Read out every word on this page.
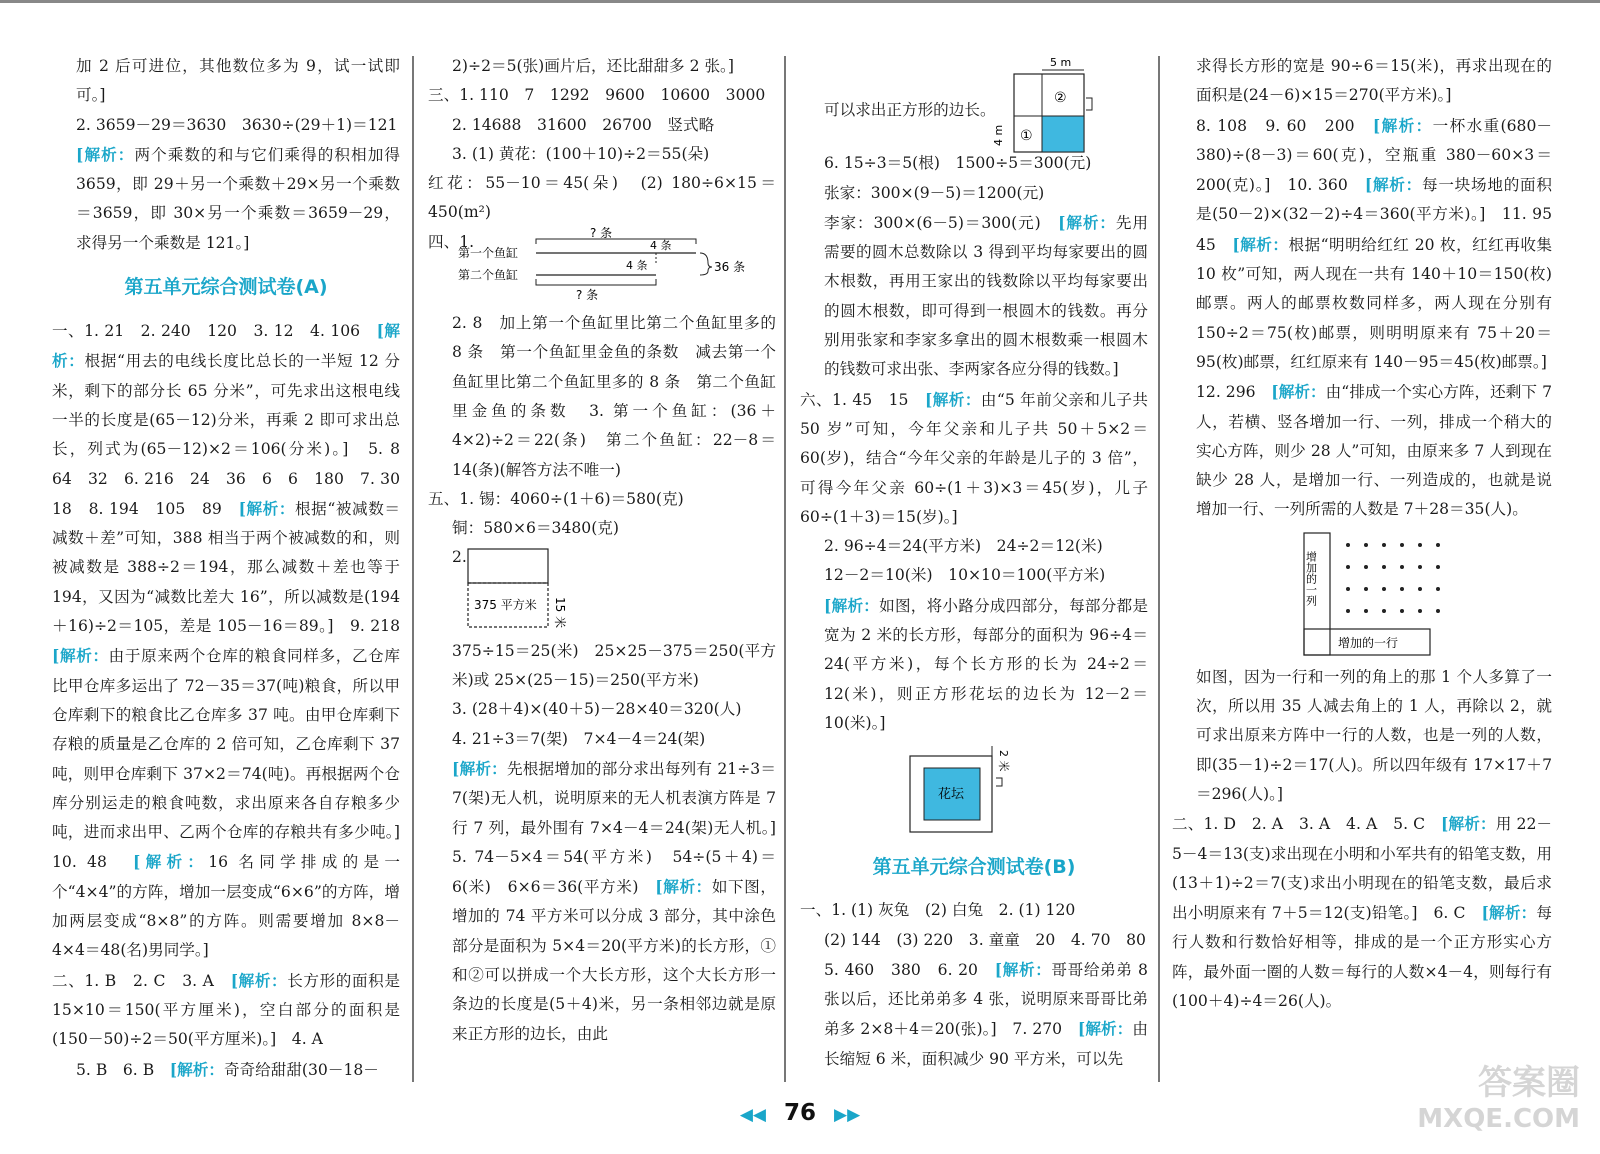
加 2 后可进位，其他数位多为 9，试一试即可。]

2. 3659－29＝3630　3630÷(29＋1)＝121

[解析：两个乘数的和与它们乘得的积相加得 3659，即 29＋另一个乘数＋29×另一个乘数＝3659，即 30×另一个乘数＝3659－29，求得另一个乘数是 121。]

第五单元综合测试卷(A)

一、1. 21　2. 240　120　3. 12　4. 106　[解析：根据“用去的电线长度比总长的一半短 12 分米，剩下的部分长 65 分米”，可先求出这根电线一半的长度是(65－12)分米，再乘 2 即可求出总长，列式为(65－12)×2＝106(分米)。]　5. 8　64　32　6. 216　24　36　6　6　180　7. 30　18　8. 194　105　89　[解析：根据“被减数＝减数＋差”可知，388 相当于两个被减数的和，则被减数是 388÷2＝194，那么减数＋差也等于 194，又因为“减数比差大 16”，所以减数是(194＋16)÷2＝105，差是 105－16＝89。]　9. 218　[解析：由于原来两个仓库的粮食同样多，乙仓库比甲仓库多运出了 72－35＝37(吨)粮食，所以甲仓库剩下的粮食比乙仓库多 37 吨。由甲仓库剩下存粮的质量是乙仓库的 2 倍可知，乙仓库剩下 37 吨，则甲仓库剩下 37×2＝74(吨)。再根据两个仓库分别运走的粮食吨数，求出原来各自存粮多少吨，进而求出甲、乙两个仓库的存粮共有多少吨。]　10. 48　[解析：16 名同学排成的是一个“4×4”的方阵，增加一层变成“6×6”的方阵，增加两层变成“8×8”的方阵。则需要增加 8×8－4×4＝48(名)男同学。]

二、1. B　2. C　3. A　[解析：长方形的面积是 15×10＝150(平方厘米)，空白部分的面积是(150－50)÷2＝50(平方厘米)。]　4. A

5. B　6. B　[解析：奇奇给甜甜(30－18－

2)÷2＝5(张)画片后，还比甜甜多 2 张。]

三、1. 110　7　1292　9600　10600　3000

2. 14688　31600　26700　竖式略

3. (1) 黄花：(100＋10)÷2＝55(朵)

红花：55－10＝45(朵)　(2) 180÷6×15＝450(m²)

四、1.	? 条
第一个鱼缸
4 条
第二个鱼缸
4 条	36 条
? 条

2. 8　加上第一个鱼缸里比第二个鱼缸里多的 8 条　第一个鱼缸里金鱼的条数　减去第一个鱼缸里比第二个鱼缸里多的 8 条　第二个鱼缸里金鱼的条数　3. 第一个鱼缸：(36＋4×2)÷2＝22(条)　第二个鱼缸：22－8＝14(条)(解答方法不唯一)

五、1. 锡：4060÷(1＋6)＝580(克)

铜：580×6＝3480(克)

2.

375 平方米 15 米

375÷15＝25(米)　25×25－375＝250(平方米)或 25×(25－15)＝250(平方米)

3. (28＋4)×(40＋5)－28×40＝320(人)

4. 21÷3＝7(架)　7×4－4＝24(架)

[解析：先根据增加的部分求出每列有 21÷3＝7(架)无人机，说明原来的无人机表演方阵是 7 行 7 列，最外围有 7×4－4＝24(架)无人机。]　5. 74－5×4＝54(平方米)　54÷(5＋4)＝6(米)　6×6＝36(平方米)　[解析：如下图，增加的 74 平方米可以分成 3 部分，其中涂色部分是面积为 5×4＝20(平方米)的长方形，①和②可以拼成一个大长方形，这个大长方形一条边的长度是(5＋4)米，另一条相邻边就是原来正方形的边长，由此

5 m
②
①
4 m

可以求出正方形的边长。

6. 15÷3＝5(根)　1500÷5＝300(元)

张家：300×(9－5)＝1200(元)

李家：300×(6－5)＝300(元)　[解析：先用需要的圆木总数除以 3 得到平均每家要出的圆木根数，再用王家出的钱数除以平均每家要出的圆木根数，即可得到一根圆木的钱数。再分别用张家和李家多拿出的圆木根数乘一根圆木的钱数可求出张、李两家各应分得的钱数。]

六、1. 45　15　[解析：由“5 年前父亲和儿子共 50 岁”可知，今年父亲和儿子共 50＋5×2＝60(岁)，结合“今年父亲的年龄是儿子的 3 倍”，可得今年父亲 60÷(1＋3)×3＝45(岁)，儿子 60÷(1＋3)＝15(岁)。]

2. 96÷4＝24(平方米)　24÷2＝12(米)

12－2＝10(米)　10×10＝100(平方米)

[解析：如图，将小路分成四部分，每部分都是宽为 2 米的长方形，每部分的面积为 96÷4＝24(平方米)，每个长方形的长为 24÷2＝12(米)，则正方形花坛的边长为 12－2＝10(米)。]

花坛
2 米

第五单元综合测试卷(B)

一、1. (1) 灰兔　(2) 白兔　2. (1) 120

(2) 144　(3) 220　3. 童童　20　4. 70　80

5. 460　380　6. 20　[解析：哥哥给弟弟 8 张以后，还比弟弟多 4 张，说明原来哥哥比弟弟多 2×8＋4＝20(张)。]　7. 270　[解析：由长缩短 6 米，面积减少 90 平方米，可以先

求得长方形的宽是 90÷6＝15(米)，再求出现在的面积是(24－6)×15＝270(平方米)。]

8. 108　9. 60　200　[解析：一杯水重(680－380)÷(8－3)＝60(克)，空瓶重 380－60×3＝200(克)。]　10. 360　[解析：每一块场地的面积是(50－2)×(32－2)÷4＝360(平方米)。]　11. 95　45　[解析：根据“明明给红红 20 枚，红红再收集 10 枚”可知，两人现在一共有 140＋10＝150(枚)邮票。两人的邮票枚数同样多，两人现在分别有 150÷2＝75(枚)邮票，则明明原来有 75＋20＝95(枚)邮票，红红原来有 140－95＝45(枚)邮票。]

12. 296　[解析：由“排成一个实心方阵，还剩下 7 人，若横、竖各增加一行、一列，排成一个稍大的实心方阵，则少 28 人”可知，由原来多 7 人到现在缺少 28 人，是增加一行、一列造成的，也就是说增加一行、一列所需的人数是 7＋28＝35(人)。

增加的一列
增加的一行

如图，因为一行和一列的角上的那 1 个人多算了一次，所以用 35 人减去角上的 1 人，再除以 2，就可求出原来方阵中一行的人数，也是一列的人数，即(35－1)÷2＝17(人)。所以四年级有 17×17＋7＝296(人)。]

二、1. D　2. A　3. A　4. A　5. C　[解析：用 22－5－4＝13(支)求出现在小明和小军共有的铅笔支数，用(13＋1)÷2＝7(支)求出小明现在的铅笔支数，最后求出小明原来有 7＋5＝12(支)铅笔。]　6. C　[解析：每行人数和行数恰好相等，排成的是一个正方形实心方阵，最外面一圈的人数＝每行的人数×4－4，则每行有(100＋4)÷4＝26(人)。

◀◀ 76 ▶▶
答案圈
MXQE.COM
